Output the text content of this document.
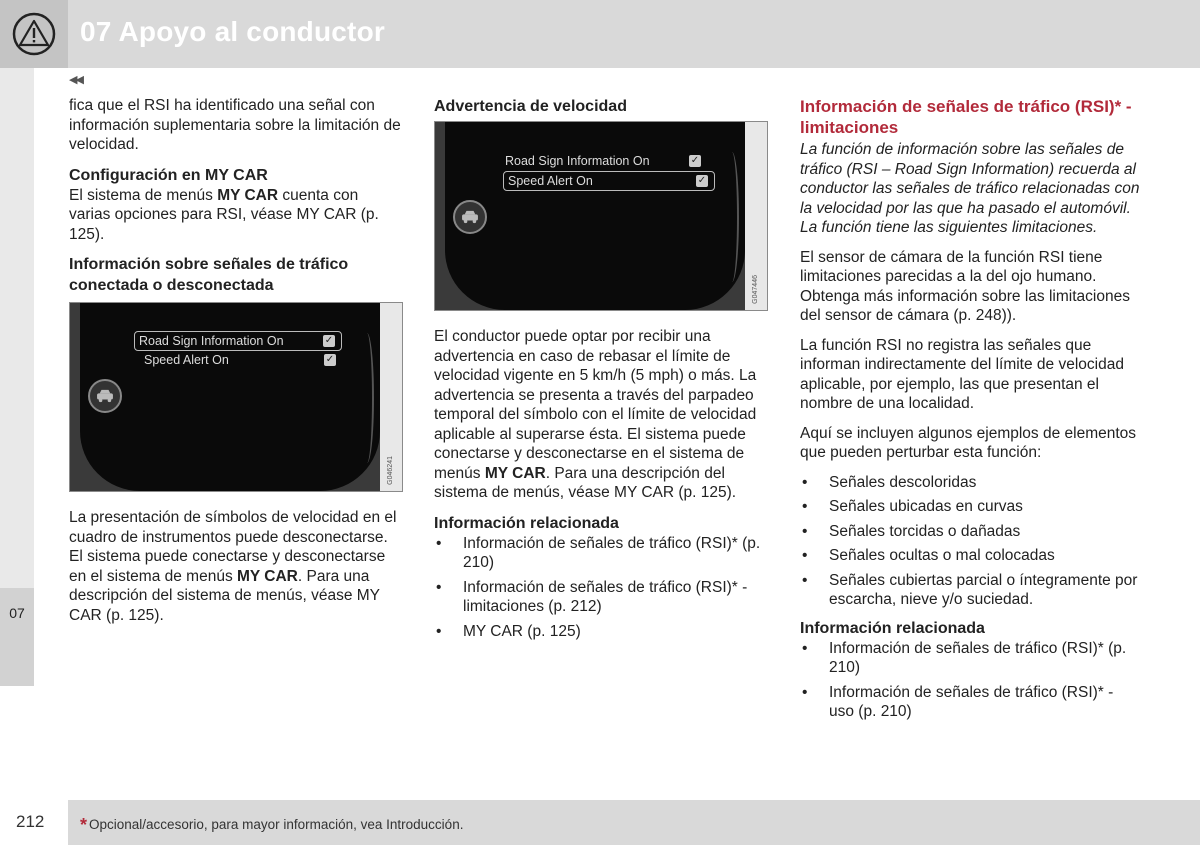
07 Apoyo al conductor
07
◀◀

fica que el RSI ha identificado una señal con información suplementaria sobre la limitación de velocidad.

Configuración en MY CAR

El sistema de menús MY CAR cuenta con varias opciones para RSI, véase MY CAR (p. 125).

Información sobre señales de tráfico conectada o desconectada
G046241
Road Sign Information On	✓
Speed Alert On	✓

La presentación de símbolos de velocidad en el cuadro de instrumentos puede desconectarse. El sistema puede conectarse y desconectarse en el sistema de menús MY CAR. Para una descripción del sistema de menús, véase MY CAR (p. 125).

Advertencia de velocidad
G047446
Road Sign Information On	✓
Speed Alert On	✓

El conductor puede optar por recibir una advertencia en caso de rebasar el límite de velocidad vigente en 5 km/h (5 mph) o más. La advertencia se presenta a través del parpadeo temporal del símbolo con el límite de velocidad aplicable al superarse ésta. El sistema puede conectarse y desconectarse en el sistema de menús MY CAR. Para una descripción del sistema de menús, véase MY CAR (p. 125).

Información relacionada
• Información de señales de tráfico (RSI)* (p. 210)
• Información de señales de tráfico (RSI)* - limitaciones (p. 212)
• MY CAR (p. 125)
Información de señales de tráfico (RSI)* - limitaciones

La función de información sobre las señales de tráfico (RSI – Road Sign Information) recuerda al conductor las señales de tráfico relacionadas con la velocidad por las que ha pasado el automóvil. La función tiene las siguientes limitaciones.

El sensor de cámara de la función RSI tiene limitaciones parecidas a la del ojo humano. Obtenga más información sobre las limitaciones del sensor de cámara (p. 248)).

La función RSI no registra las señales que informan indirectamente del límite de velocidad aplicable, por ejemplo, las que presentan el nombre de una localidad.

Aquí se incluyen algunos ejemplos de elementos que pueden perturbar esta función:

• Señales descoloridas
• Señales ubicadas en curvas
• Señales torcidas o dañadas
• Señales ocultas o mal colocadas
• Señales cubiertas parcial o íntegramente por escarcha, nieve y/o suciedad.
Información relacionada
• Información de señales de tráfico (RSI)* (p. 210)
• Información de señales de tráfico (RSI)* - uso (p. 210)
212 * Opcional/accesorio, para mayor información, vea Introducción.
